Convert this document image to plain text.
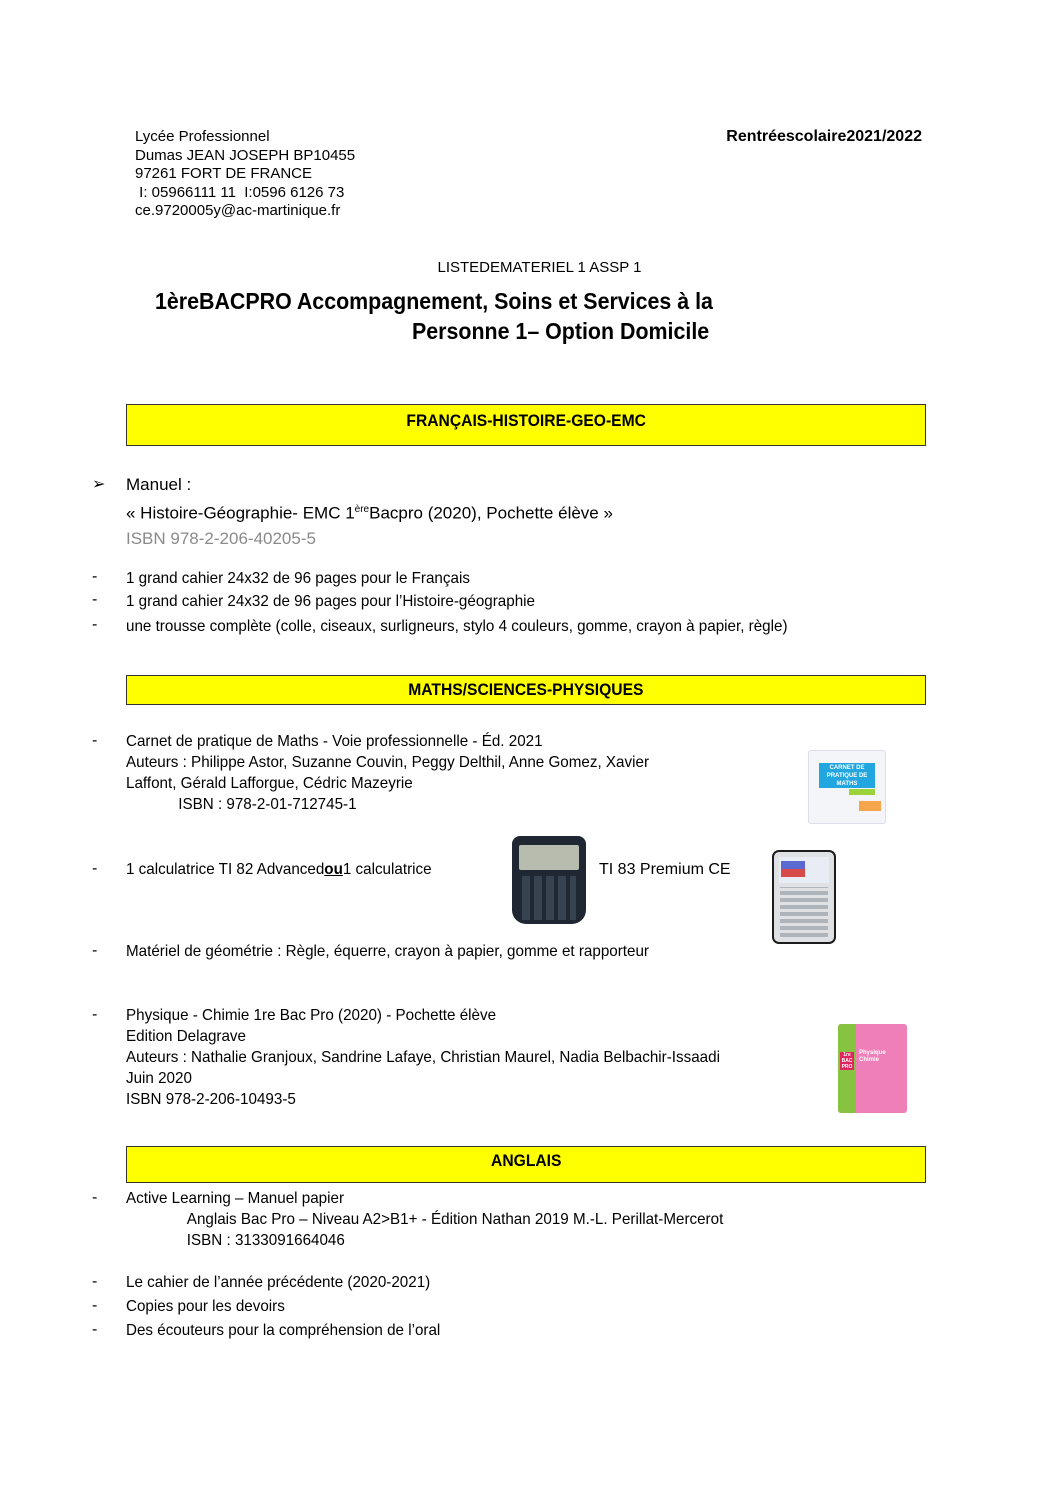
Lycée Professionnel
Dumas JEAN JOSEPH BP10455
97261 FORT DE FRANCE
I: 05966111 11  I:0596 6126 73
ce.9720005y@ac-martinique.fr
Rentréescolaire2021/2022
LISTEDEMATERIEL 1 ASSP 1
1èreBACPRO Accompagnement, Soins et Services à la
Personne 1– Option Domicile
FRANÇAIS-HISTOIRE-GEO-EMC
➢ Manuel :
« Histoire-Géographie- EMC 1èreBacpro (2020), Pochette élève »
ISBN 978-2-206-40205-5
- 1 grand cahier 24x32 de 96 pages pour le Français
- 1 grand cahier 24x32 de 96 pages pour l’Histoire-géographie
- une trousse complète (colle, ciseaux, surligneurs, stylo 4 couleurs, gomme, crayon à papier, règle)
MATHS/SCIENCES-PHYSIQUES
- Carnet de pratique de Maths - Voie professionnelle - Éd. 2021
Auteurs : Philippe Astor, Suzanne Couvin, Peggy Delthil, Anne Gomez, Xavier
Laffont, Gérald Lafforgue, Cédric Mazeyrie
ISBN : 978-2-01-712745-1
CARNET DE PRATIQUE DE MATHS
- 1 calculatrice TI 82 Advancedou1 calculatrice	TI 83 Premium CE
- Matériel de géométrie : Règle, équerre, crayon à papier, gomme et rapporteur
- Physique - Chimie 1re Bac Pro (2020) - Pochette élève
Edition Delagrave
Auteurs : Nathalie Granjoux, Sandrine Lafaye, Christian Maurel, Nadia Belbachir-Issaadi
Juin 2020
ISBN 978-2-206-10493-5
1re BAC PRO
Physique Chimie
ANGLAIS
- Active Learning – Manuel papier
Anglais Bac Pro – Niveau A2>B1+ - Édition Nathan 2019 M.-L. Perillat-Mercerot
ISBN : 3133091664046
- Le cahier de l’année précédente (2020-2021)
- Copies pour les devoirs
- Des écouteurs pour la compréhension de l’oral
